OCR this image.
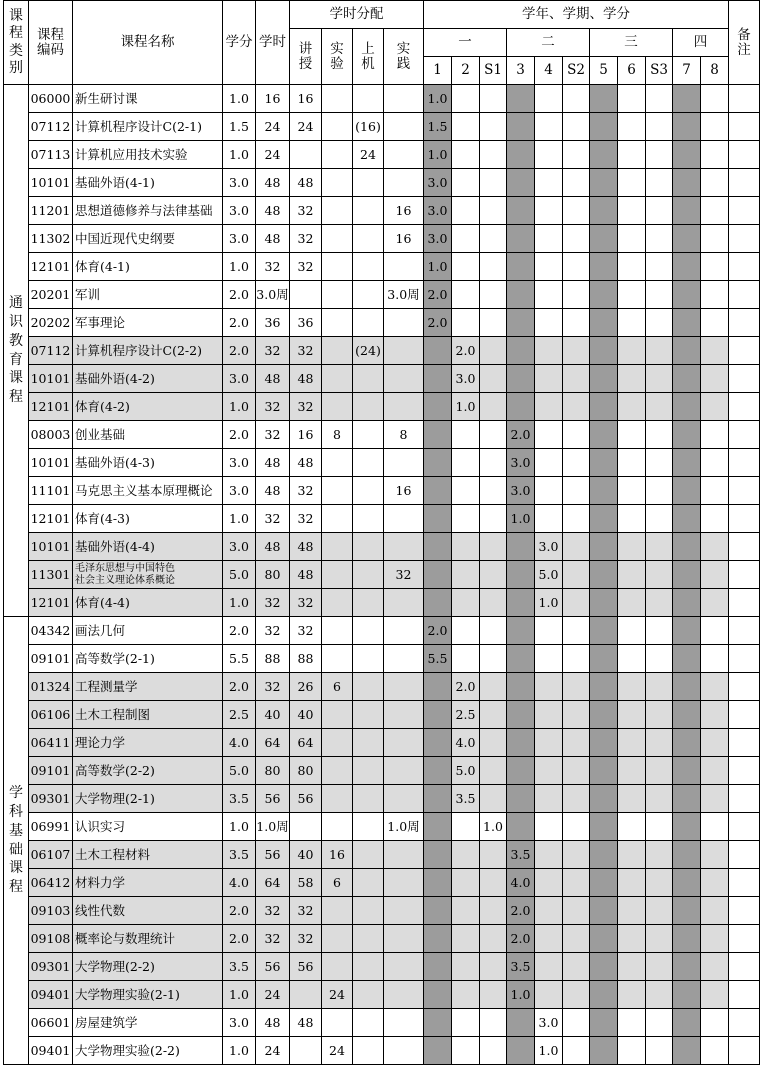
课程类别	课程编码	课程名称	学分	学时	学时分配				学年、学期、学分											备注

					讲授	实验	上机	实践	一			二			三			四		
									1	2	S1	3	4	S2	5	6	S3	7	8	

通识教育课程	06000	新生研讨课	1.0	16	16				1.0											
	07112	计算机程序设计C(2-1)	1.5	24	24		(16)		1.5											
	07113	计算机应用技术实验	1.0	24			24		1.0											
	10101	基础外语(4-1)	3.0	48	48				3.0											
	11201	思想道德修养与法律基础	3.0	48	32			16	3.0											
	11302	中国近现代史纲要	3.0	48	32			16	3.0											
	12101	体育(4-1)	1.0	32	32				1.0											
	20201	军训	2.0	3.0周				3.0周	2.0											
	20202	军事理论	2.0	36	36				2.0											
	07112	计算机程序设计C(2-2)	2.0	32	32		(24)			2.0										
	10101	基础外语(4-2)	3.0	48	48					3.0										
	12101	体育(4-2)	1.0	32	32					1.0										
	08003	创业基础	2.0	32	16	8		8				2.0								
	10101	基础外语(4-3)	3.0	48	48							3.0								
	11101	马克思主义基本原理概论	3.0	48	32			16				3.0								
	12101	体育(4-3)	1.0	32	32							1.0								
	10101	基础外语(4-4)	3.0	48	48								3.0							
	11301	毛泽东思想与中国特色
社会主义理论体系概论	5.0	80	48			32					5.0							
	12101	体育(4-4)	1.0	32	32								1.0							

学科基础课程	04342	画法几何	2.0	32	32				2.0											
	09101	高等数学(2-1)	5.5	88	88				5.5											
	01324	工程测量学	2.0	32	26	6				2.0										
	06106	土木工程制图	2.5	40	40					2.5										
	06411	理论力学	4.0	64	64					4.0										
	09101	高等数学(2-2)	5.0	80	80					5.0										
	09301	大学物理(2-1)	3.5	56	56					3.5										
	06991	认识实习	1.0	1.0周				1.0周			1.0									
	06107	土木工程材料	3.5	56	40	16						3.5								
	06412	材料力学	4.0	64	58	6						4.0								
	09103	线性代数	2.0	32	32							2.0								
	09108	概率论与数理统计	2.0	32	32							2.0								
	09301	大学物理(2-2)	3.5	56	56							3.5								
	09401	大学物理实验(2-1)	1.0	24		24						1.0								
	06601	房屋建筑学	3.0	48	48								3.0							
	09401	大学物理实验(2-2)	1.0	24		24							1.0							
